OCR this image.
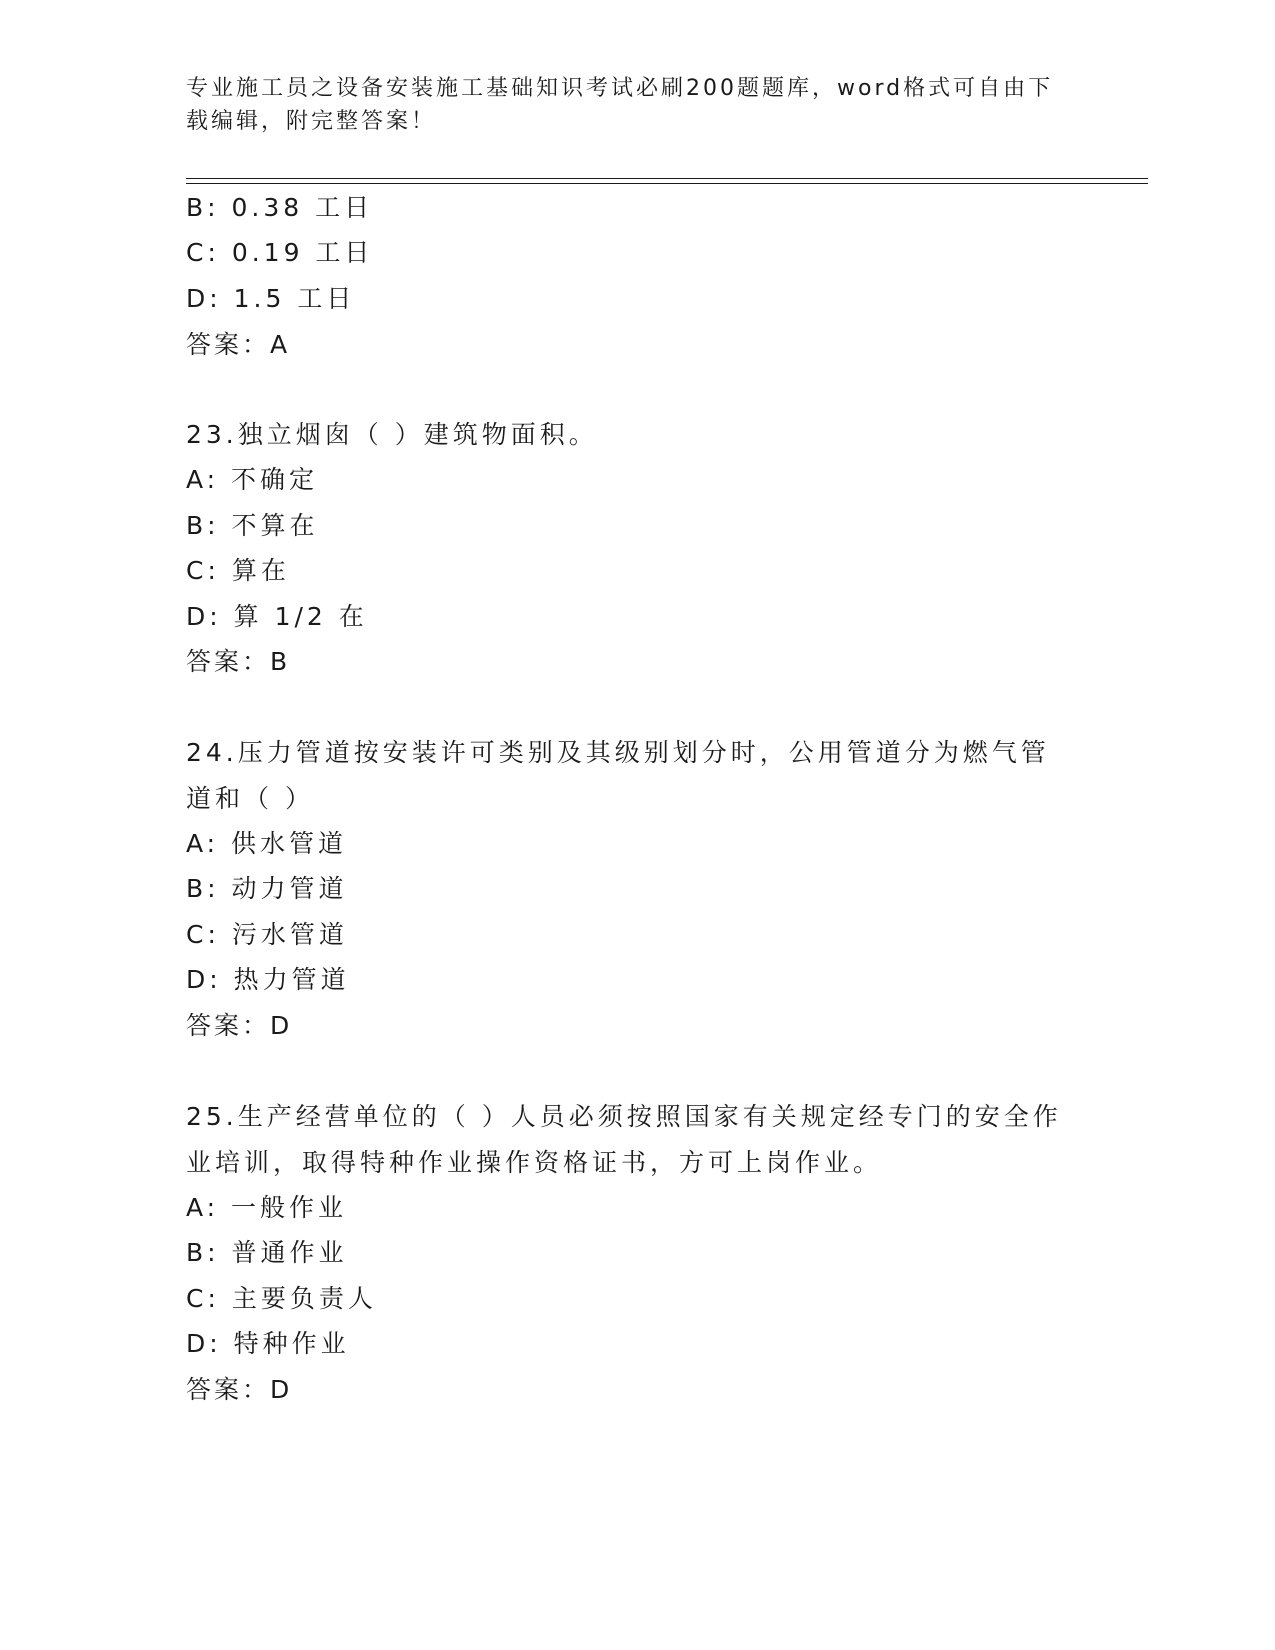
专业施工员之设备安装施工基础知识考试必刷200题题库，word格式可自由下载编辑，附完整答案！
B: 0.38 工日
C: 0.19 工日
D: 1.5 工日
答案：A
23.独立烟囱（ ）建筑物面积。
A: 不确定
B: 不算在
C: 算在
D: 算 1/2 在
答案：B
24.压力管道按安装许可类别及其级别划分时，公用管道分为燃气管道和（ ）
A: 供水管道
B: 动力管道
C: 污水管道
D: 热力管道
答案：D
25.生产经营单位的（ ）人员必须按照国家有关规定经专门的安全作业培训，取得特种作业操作资格证书，方可上岗作业。
A: 一般作业
B: 普通作业
C: 主要负责人
D: 特种作业
答案：D
